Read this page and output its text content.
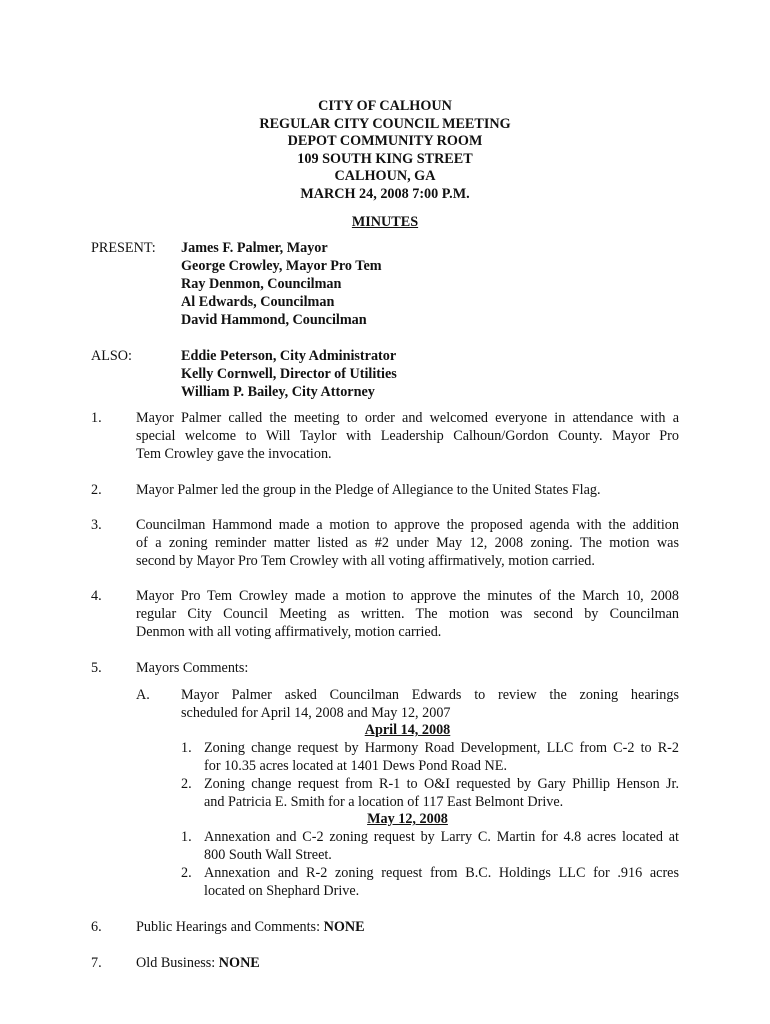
CITY OF CALHOUN
REGULAR CITY COUNCIL MEETING
DEPOT COMMUNITY ROOM
109 SOUTH KING STREET
CALHOUN, GA
MARCH 24, 2008 7:00 P.M.
MINUTES
PRESENT: James F. Palmer, Mayor
George Crowley, Mayor Pro Tem
Ray Denmon, Councilman
Al Edwards, Councilman
David Hammond, Councilman
ALSO:	Eddie Peterson, City Administrator
Kelly Cornwell, Director of Utilities
William P. Bailey, City Attorney
1. Mayor Palmer called the meeting to order and welcomed everyone in attendance with a
special welcome to Will Taylor with Leadership Calhoun/Gordon County. Mayor Pro
Tem Crowley gave the invocation.
2. Mayor Palmer led the group in the Pledge of Allegiance to the United States Flag.
3. Councilman Hammond made a motion to approve the proposed agenda with the addition
of a zoning reminder matter listed as #2 under May 12, 2008 zoning. The motion was
second by Mayor Pro Tem Crowley with all voting affirmatively, motion carried.
4. Mayor Pro Tem Crowley made a motion to approve the minutes of the March 10, 2008
regular City Council Meeting as written. The motion was second by Councilman
Denmon with all voting affirmatively, motion carried.
5. Mayors Comments:
A. Mayor Palmer asked Councilman Edwards to review the zoning hearings
scheduled for April 14, 2008 and May 12, 2007
April 14, 2008
1. Zoning change request by Harmony Road Development, LLC from C-2 to R-2
for 10.35 acres located at 1401 Dews Pond Road NE.
2. Zoning change request from R-1 to O&I requested by Gary Phillip Henson Jr.
and Patricia E. Smith for a location of 117 East Belmont Drive.
May 12, 2008
1. Annexation and C-2 zoning request by Larry C. Martin for 4.8 acres located at
800 South Wall Street.
2. Annexation and R-2 zoning request from B.C. Holdings LLC for .916 acres
located on Shephard Drive.
6. Public Hearings and Comments: NONE
7. Old Business: NONE
